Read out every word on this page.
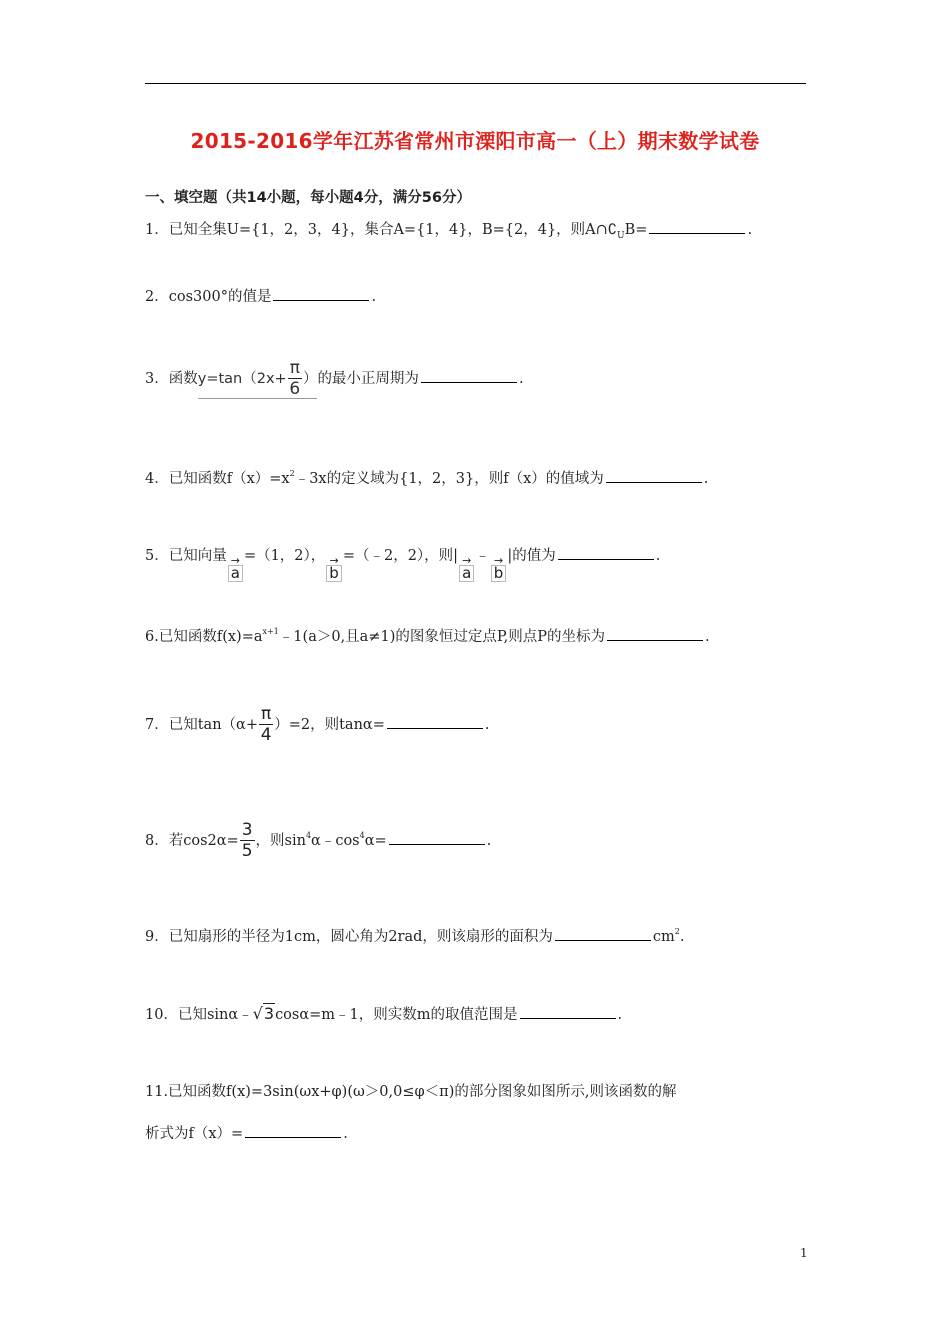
2015-2016学年江苏省常州市溧阳市高一（上）期末数学试卷
一、填空题（共14小题，每小题4分，满分56分）
1．已知全集U={1，2，3，4}，集合A={1，4}，B={2，4}，则$A\cap∁_UB=$	.
2．cos300°的值是	.
3．函数$y=\tan(2x+ \frac{\pi}{6}$ ）的最小正周期为	.
4．已知函数$f(x)=x^2﹣3x$的定义域为{1，2，3}，则f（x）的值域为	.
5．已知向量 →
a
=（1，2）， →
b
=（﹣2，2），则| →
a
﹣ →
b
|的值为	.
6.已知函数$f(x)=a^{x+1}﹣1(a>0$,且a≠1)的图象恒过定点P,则点P的坐标为	.
7．已知$\tan(\alpha+ \frac{\pi}{4} )=2$，则tanα=	.
8．若$\cos 2\alpha= \frac{3}{5}$ ，则$\sin^4\alpha﹣\cos^4\alpha=$	.
9．已知扇形的半径为1cm，圆心角为2rad，则该扇形的面积为	$cm^2$.
10．已知sinα﹣√3cosα=m﹣1，则实数m的取值范围是	.
11.已知函数f(x)=3sin(ωx+φ)(ω＞0,0≤φ＜π)的部分图象如图所示,则该函数的解
析式为f（x）=	.
1
